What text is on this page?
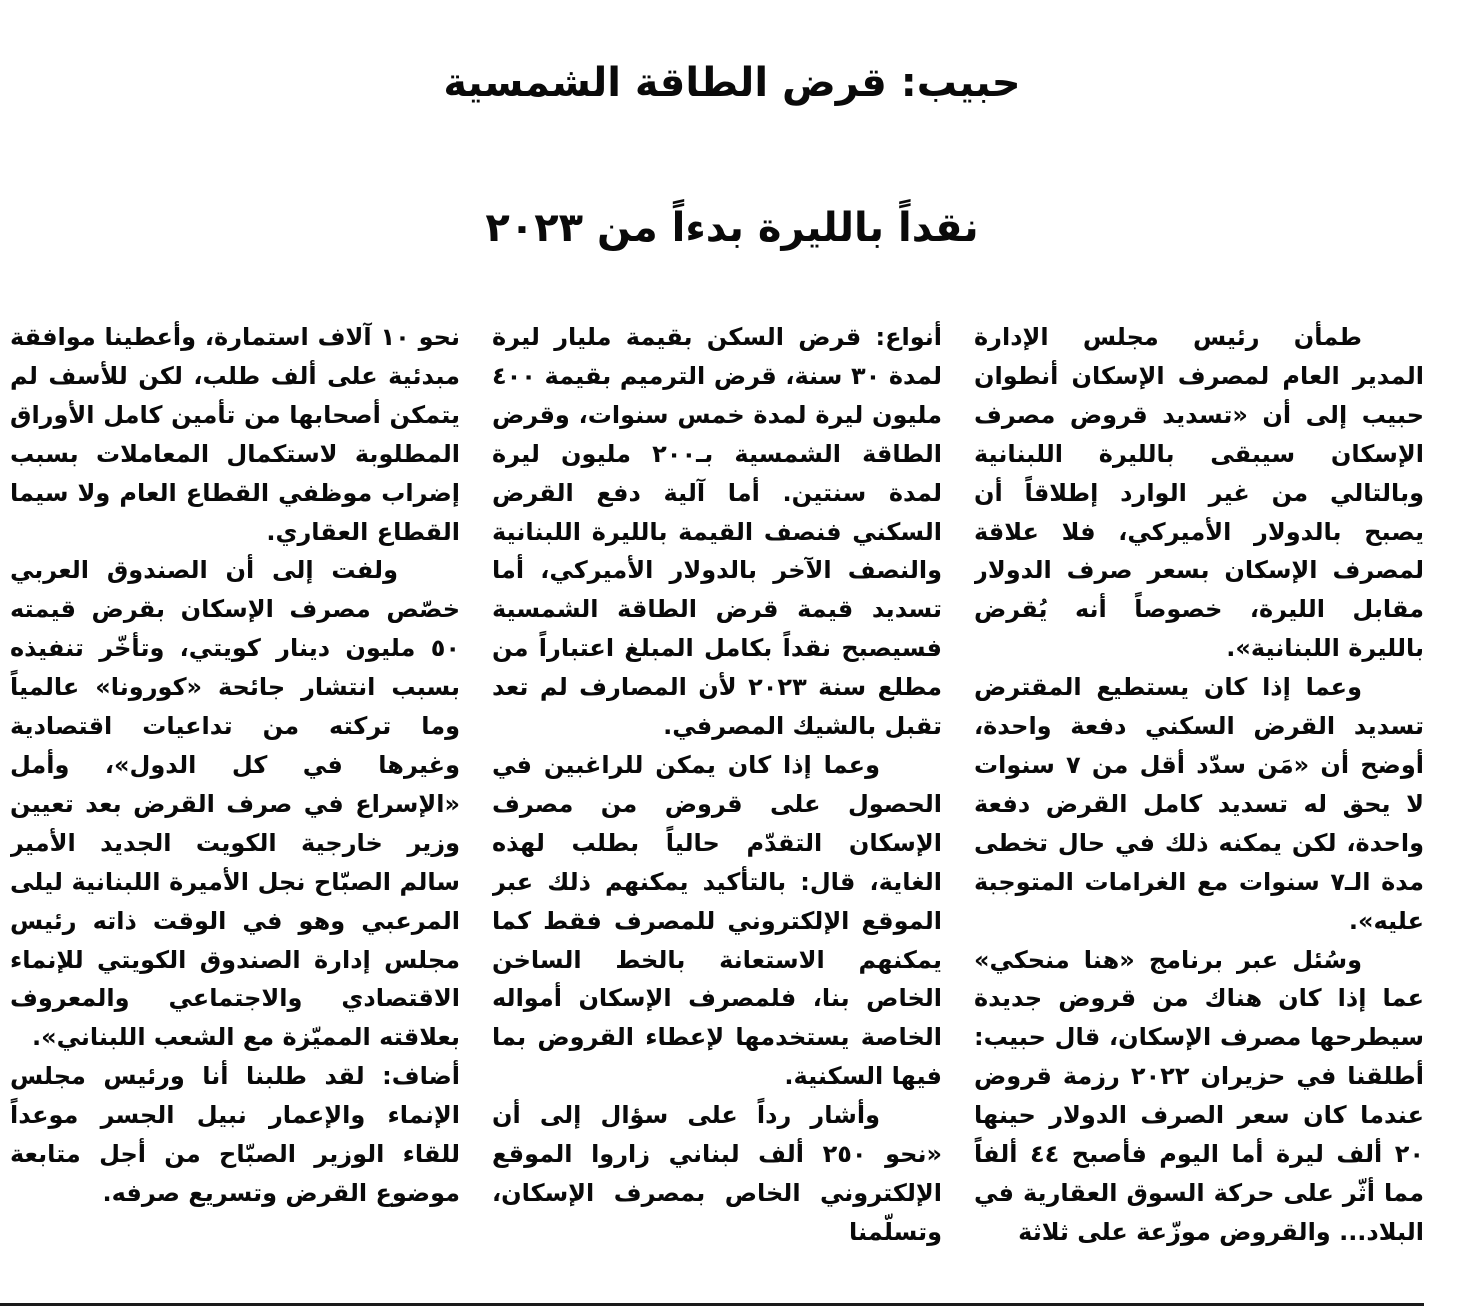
حبيب: قرض الطاقة الشمسية
نقداً بالليرة بدءاً من ٢٠٢٣

طمأن رئيس مجلس الإدارة المدير العام لمصرف الإسكان أنطوان حبيب إلى أن «تسديد قروض مصرف الإسكان سيبقى بالليرة اللبنانية وبالتالي من غير الوارد إطلاقاً أن يصبح بالدولار الأميركي، فلا علاقة لمصرف الإسكان بسعر صرف الدولار مقابل الليرة، خصوصاً أنه يُقرض بالليرة اللبنانية».

وعما إذا كان يستطيع المقترض تسديد القرض السكني دفعة واحدة، أوضح أن «مَن سدّد أقل من ٧ سنوات لا يحق له تسديد كامل القرض دفعة واحدة، لكن يمكنه ذلك في حال تخطى مدة الـ٧ سنوات مع الغرامات المتوجبة عليه».

وسُئل عبر برنامج «هنا منحكي» عما إذا كان هناك من قروض جديدة سيطرحها مصرف الإسكان، قال حبيب: أطلقنا في حزيران ٢٠٢٢ رزمة قروض عندما كان سعر الصرف الدولار حينها ٢٠ ألف ليرة أما اليوم فأصبح ٤٤ ألفاً مما أثّر على حركة السوق العقارية في البلاد... والقروض موزّعة على ثلاثة

أنواع: قرض السكن بقيمة مليار ليرة لمدة ٣٠ سنة، قرض الترميم بقيمة ٤٠٠ مليون ليرة لمدة خمس سنوات، وقرض الطاقة الشمسية بـ٢٠٠ مليون ليرة لمدة سنتين. أما آلية دفع القرض السكني فنصف القيمة بالليرة اللبنانية والنصف الآخر بالدولار الأميركي، أما تسديد قيمة قرض الطاقة الشمسية فسيصبح نقداً بكامل المبلغ اعتباراً من مطلع سنة ٢٠٢٣ لأن المصارف لم تعد تقبل بالشيك المصرفي.

وعما إذا كان يمكن للراغبين في الحصول على قروض من مصرف الإسكان التقدّم حالياً بطلب لهذه الغاية، قال: بالتأكيد يمكنهم ذلك عبر الموقع الإلكتروني للمصرف فقط كما يمكنهم الاستعانة بالخط الساخن الخاص بنا، فلمصرف الإسكان أمواله الخاصة يستخدمها لإعطاء القروض بما فيها السكنية.

وأشار رداً على سؤال إلى أن «نحو ٢٥٠ ألف لبناني زاروا الموقع الإلكتروني الخاص بمصرف الإسكان، وتسلّمنا

نحو ١٠ آلاف استمارة، وأعطينا موافقة مبدئية على ألف طلب، لكن للأسف لم يتمكن أصحابها من تأمين كامل الأوراق المطلوبة لاستكمال المعاملات بسبب إضراب موظفي القطاع العام ولا سيما القطاع العقاري.

ولفت إلى أن الصندوق العربي خصّص مصرف الإسكان بقرض قيمته ٥٠ مليون دينار كويتي، وتأخّر تنفيذه بسبب انتشار جائحة «كورونا» عالمياً وما تركته من تداعيات اقتصادية وغيرها في كل الدول»، وأمل «الإسراع في صرف القرض بعد تعيين وزير خارجية الكويت الجديد الأمير سالم الصبّاح نجل الأميرة اللبنانية ليلى المرعبي وهو في الوقت ذاته رئيس مجلس إدارة الصندوق الكويتي للإنماء الاقتصادي والاجتماعي والمعروف بعلاقته المميّزة مع الشعب اللبناني».

أضاف: لقد طلبنا أنا ورئيس مجلس الإنماء والإعمار نبيل الجسر موعداً للقاء الوزير الصبّاح من أجل متابعة موضوع القرض وتسريع صرفه.
